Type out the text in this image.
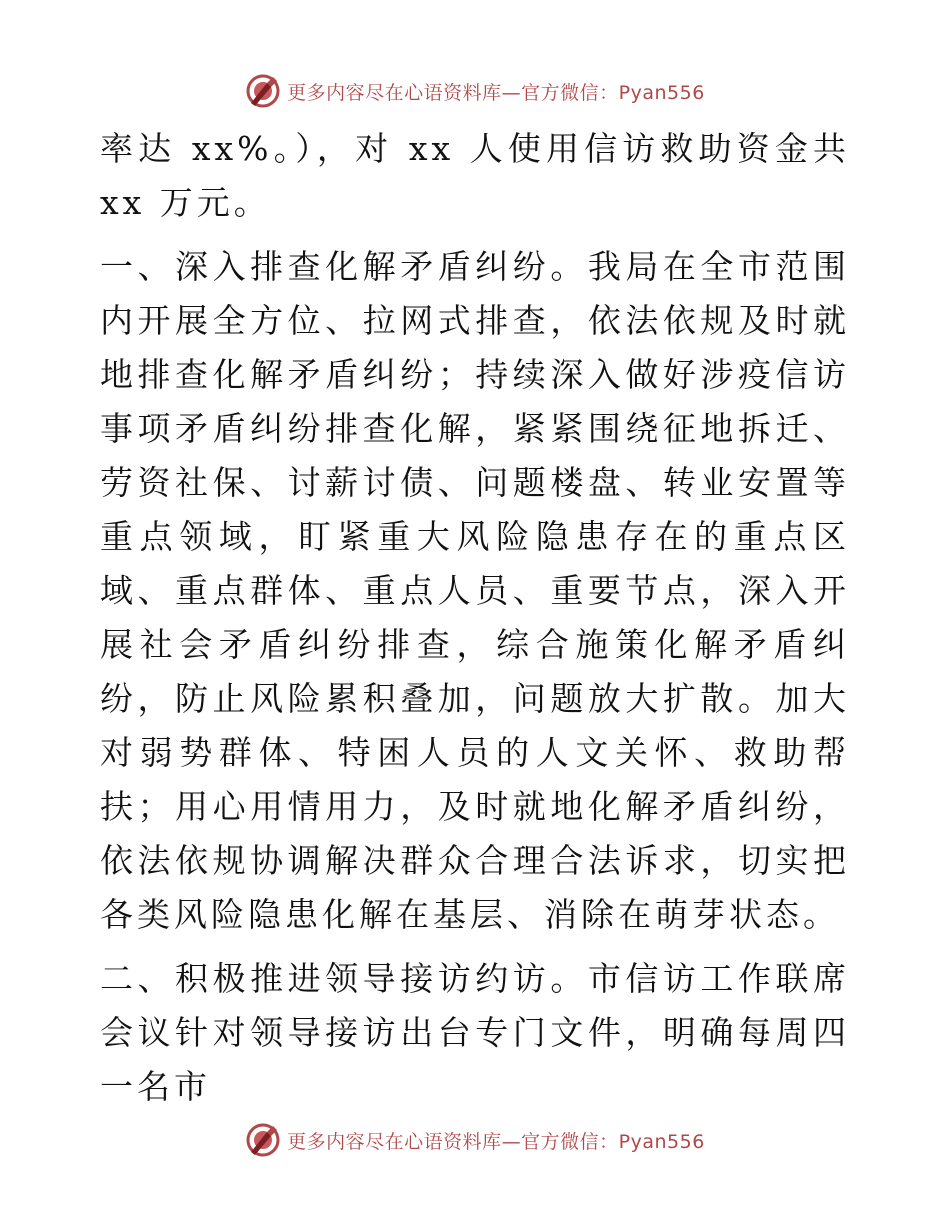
更多内容尽在心语资料库—官方微信：Pyan556

率达 xx%。），对 xx 人使用信访救助资金共 xx 万元。

一、深入排查化解矛盾纠纷。我局在全市范围内开展全方位、拉网式排查，依法依规及时就地排查化解矛盾纠纷；持续深入做好涉疫信访事项矛盾纠纷排查化解，紧紧围绕征地拆迁、劳资社保、讨薪讨债、问题楼盘、转业安置等重点领域，盯紧重大风险隐患存在的重点区域、重点群体、重点人员、重要节点，深入开展社会矛盾纠纷排查，综合施策化解矛盾纠纷，防止风险累积叠加，问题放大扩散。加大对弱势群体、特困人员的人文关怀、救助帮扶；用心用情用力，及时就地化解矛盾纠纷，依法依规协调解决群众合理合法诉求，切实把各类风险隐患化解在基层、消除在萌芽状态。

二、积极推进领导接访约访。市信访工作联席会议针对领导接访出台专门文件，明确每周四一名市

更多内容尽在心语资料库—官方微信：Pyan556
